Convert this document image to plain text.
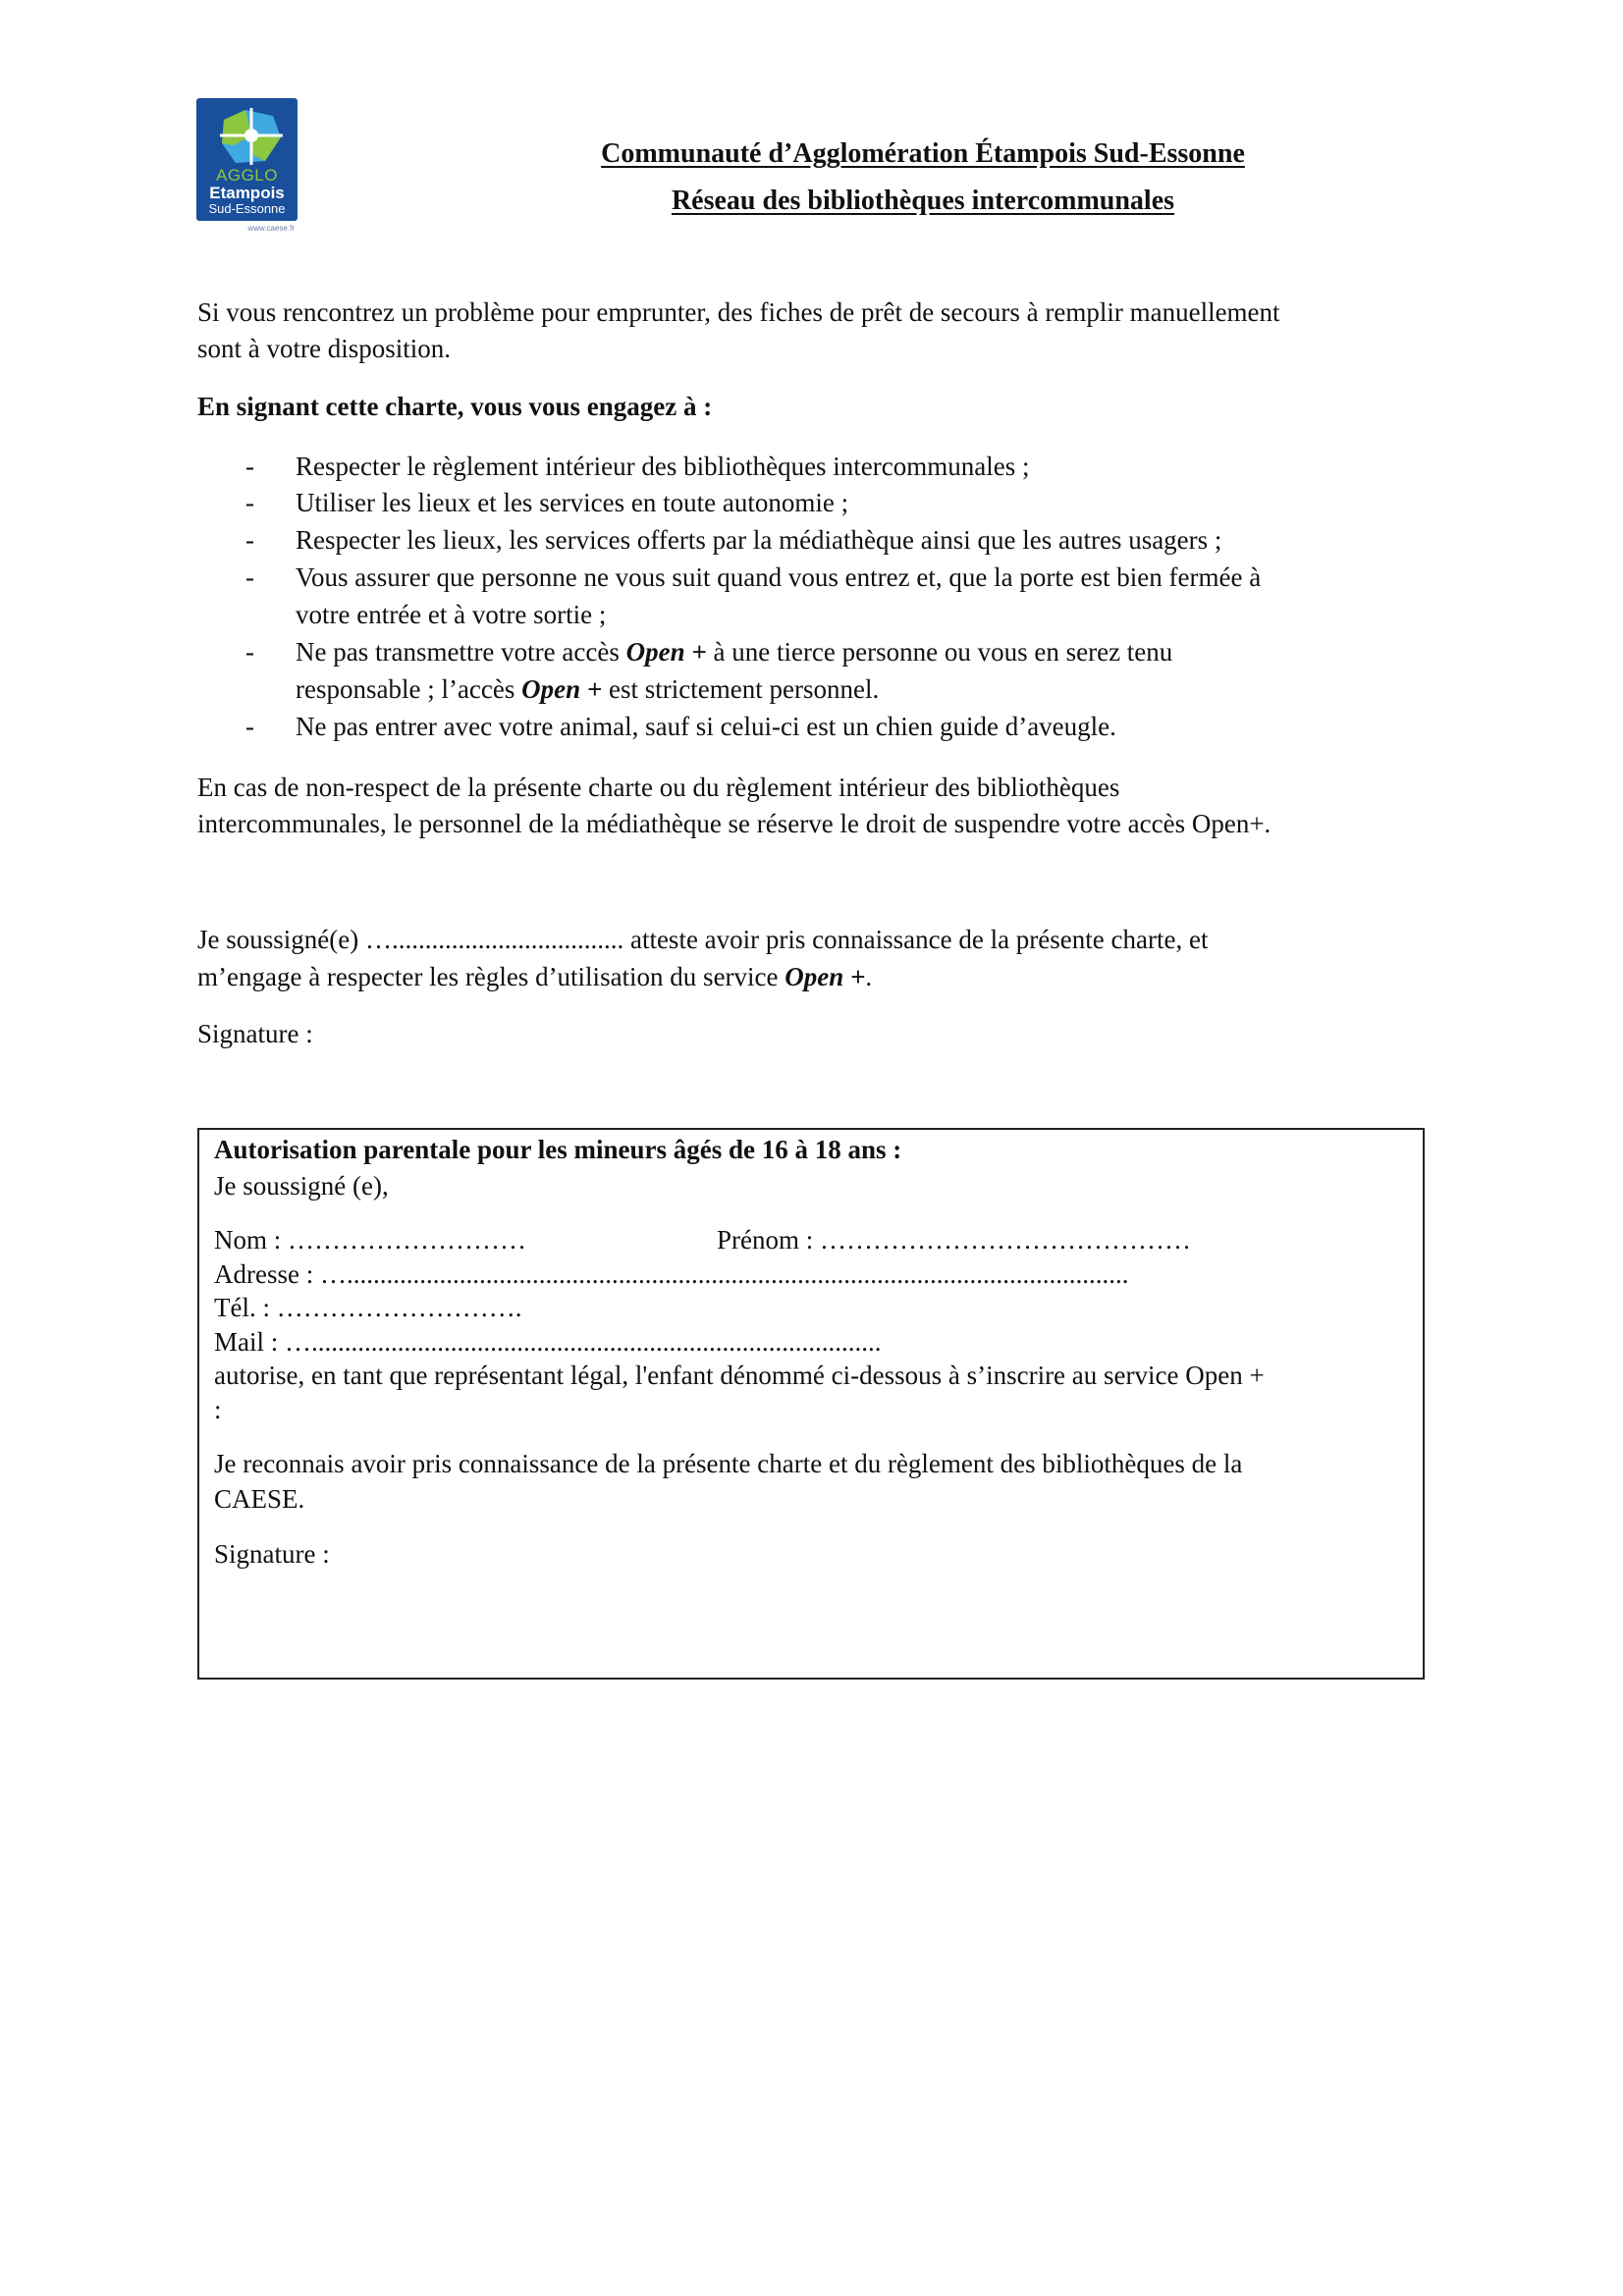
AGGLO
Etampois
Sud-Essonne
www.caese.fr
Communauté d’Agglomération Étampois Sud-Essonne
Réseau des bibliothèques intercommunales
Si vous rencontrez un problème pour emprunter, des fiches de prêt de secours à remplir manuellement
sont à votre disposition.
En signant cette charte, vous vous engagez à :
- Respecter le règlement intérieur des bibliothèques intercommunales ;
- Utiliser les lieux et les services en toute autonomie ;
- Respecter les lieux, les services offerts par la médiathèque ainsi que les autres usagers ;
- Vous assurer que personne ne vous suit quand vous entrez et, que la porte est bien fermée à
votre entrée et à votre sortie ;
- Ne pas transmettre votre accès Open + à une tierce personne ou vous en serez tenu
responsable ; l’accès Open + est strictement personnel.
- Ne pas entrer avec votre animal, sauf si celui-ci est un chien guide d’aveugle.
En cas de non-respect de la présente charte ou du règlement intérieur des bibliothèques
intercommunales, le personnel de la médiathèque se réserve le droit de suspendre votre accès Open+.
Je soussigné(e) …................................... atteste avoir pris connaissance de la présente charte, et
m’engage à respecter les règles d’utilisation du service Open +.
Signature :
Autorisation parentale pour les mineurs âgés de 16 à 18 ans :
Je soussigné (e),
Nom : ………………………	Prénom : ……………………………………
Adresse : …......................................................................................................................
Tél. : ……………………….
Mail : …......................................................................................
autorise, en tant que représentant légal, l'enfant dénommé ci-dessous à s’inscrire au service Open +
:
Je reconnais avoir pris connaissance de la présente charte et du règlement des bibliothèques de la
CAESE.
Signature :
